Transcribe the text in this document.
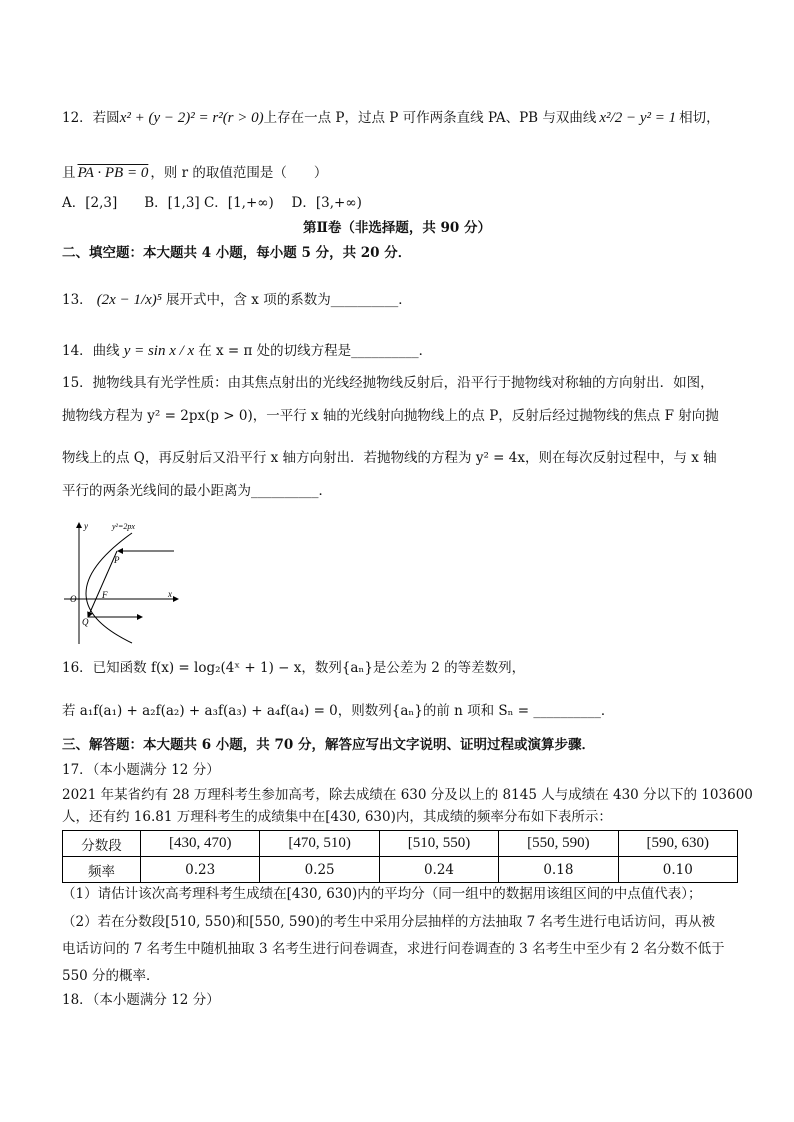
12．若圆x² + (y − 2)² = r²(r > 0)上存在一点 P，过点 P 可作两条直线 PA、PB 与双曲线 x²/2 − y² = 1 相切，
且 PA · PB = 0 ，则 r 的取值范围是（　　）
A．[2,3]　　B．[1,3] C．[1,+∞)　 D．[3,+∞)
第Ⅱ卷（非选择题，共 90 分）
二、填空题：本大题共 4 小题，每小题 5 分，共 20 分．
13． (2x − 1/x)⁵ 展开式中，含 x 项的系数为__________．
14．曲线 y = sin x / x 在 x = π 处的切线方程是__________．
15．抛物线具有光学性质：由其焦点射出的光线经抛物线反射后，沿平行于抛物线对称轴的方向射出．如图，
抛物线方程为 y² = 2px(p > 0)，一平行 x 轴的光线射向抛物线上的点 P，反射后经过抛物线的焦点 F 射向抛
物线上的点 Q，再反射后又沿平行 x 轴方向射出．若抛物线的方程为 y² = 4x，则在每次反射过程中，与 x 轴
平行的两条光线间的最小距离为__________．
y	y²=2px
P
O	F	x
Q
16．已知函数 f(x) = log₂(4ˣ + 1) − x，数列{aₙ}是公差为 2 的等差数列，
若 a₁f(a₁) + a₂f(a₂) + a₃f(a₃) + a₄f(a₄) = 0，则数列{aₙ}的前 n 项和 Sₙ = __________．
三、解答题：本大题共 6 小题，共 70 分，解答应写出文字说明、证明过程或演算步骤．
17．（本小题满分 12 分）
2021 年某省约有 28 万理科考生参加高考，除去成绩在 630 分及以上的 8145 人与成绩在 430 分以下的 103600
人，还有约 16.81 万理科考生的成绩集中在[430, 630)内，其成绩的频率分布如下表所示：
分数段	[430, 470)	[470, 510)	[510, 550)	[550, 590)	[590, 630)
频率	0.23	0.25	0.24	0.18	0.10
（1）请估计该次高考理科考生成绩在[430, 630)内的平均分（同一组中的数据用该组区间的中点值代表）；
（2）若在分数段[510, 550)和[550, 590)的考生中采用分层抽样的方法抽取 7 名考生进行电话访问，再从被
电话访问的 7 名考生中随机抽取 3 名考生进行问卷调查，求进行问卷调查的 3 名考生中至少有 2 名分数不低于
550 分的概率．
18．（本小题满分 12 分）
